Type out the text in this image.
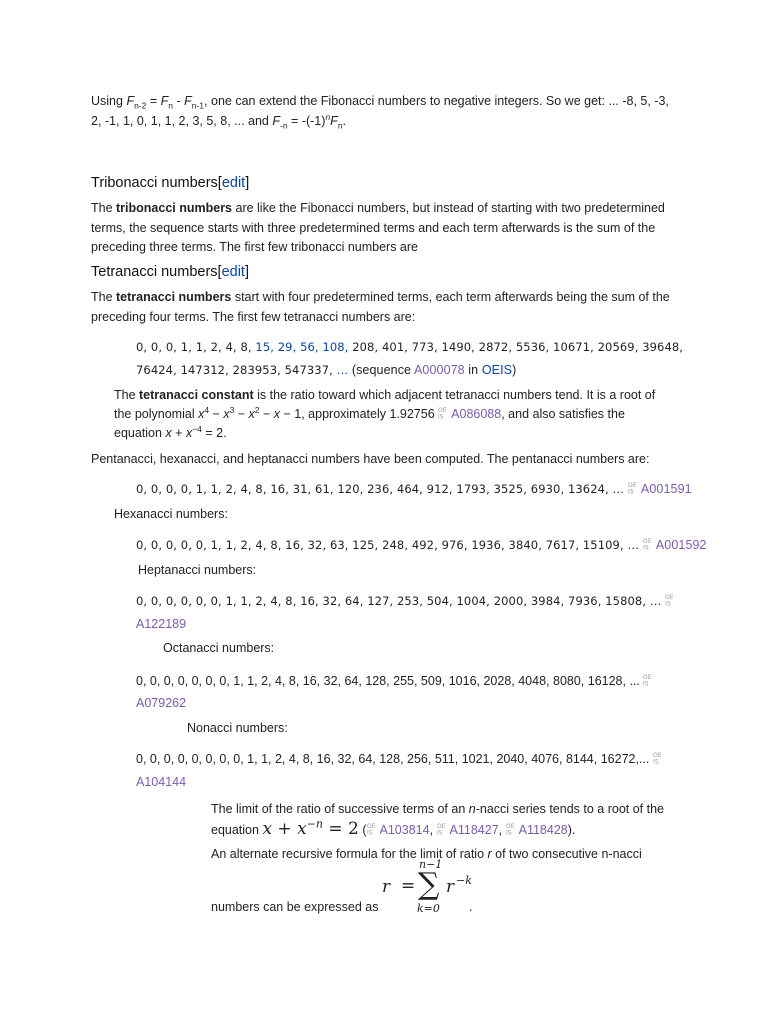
Using $F_{n-2} = F_n - F_{n-1}$, one can extend the Fibonacci numbers to negative integers. So we get: ... -8, 5, -3,
2, -1, 1, 0, 1, 1, 2, 3, 5, 8, ... and $F_{-n} = -(-1)^nF_n$.
Tribonacci numbers[edit]
The tribonacci numbers are like the Fibonacci numbers, but instead of starting with two predetermined
terms, the sequence starts with three predetermined terms and each term afterwards is the sum of the
preceding three terms. The first few tribonacci numbers are
Tetranacci numbers[edit]
The tetranacci numbers start with four predetermined terms, each term afterwards being the sum of the
preceding four terms. The first few tetranacci numbers are:
0, 0, 0, 1, 1, 2, 4, 8, 15, 29, 56, 108, 208, 401, 773, 1490, 2872, 5536, 10671, 20569, 39648,
76424, 147312, 283953, 547337, … (sequence A000078 in OEIS)
The tetranacci constant is the ratio toward which adjacent tetranacci numbers tend. It is a root of
the polynomial $x^4 - x^3 - x^2 - x - 1$, approximately 1.92756 A086088, and also satisfies the
equation $x + x^{-4} = 2$.
Pentanacci, hexanacci, and heptanacci numbers have been computed. The pentanacci numbers are:
0, 0, 0, 0, 1, 1, 2, 4, 8, 16, 31, 61, 120, 236, 464, 912, 1793, 3525, 6930, 13624, … A001591
Hexanacci numbers:
0, 0, 0, 0, 0, 1, 1, 2, 4, 8, 16, 32, 63, 125, 248, 492, 976, 1936, 3840, 7617, 15109, … A001592
Heptanacci numbers:
0, 0, 0, 0, 0, 0, 1, 1, 2, 4, 8, 16, 32, 64, 127, 253, 504, 1004, 2000, 3984, 7936, 15808, …
A122189
Octanacci numbers:
0, 0, 0, 0, 0, 0, 0, 1, 1, 2, 4, 8, 16, 32, 64, 128, 255, 509, 1016, 2028, 4048, 8080, 16128, ...
A079262
Nonacci numbers:
0, 0, 0, 0, 0, 0, 0, 0, 1, 1, 2, 4, 8, 16, 32, 64, 128, 256, 511, 1021, 2040, 4076, 8144, 16272,...
A104144
The limit of the ratio of successive terms of an n-nacci series tends to a root of the
equation $x + x^{-n} = 2$ ( A103814, A118427, A118428).
An alternate recursive formula for the limit of ratio r of two consecutive n-nacci
numbers can be expressed as
r =
n−1
∑
k=0
r −k
.
